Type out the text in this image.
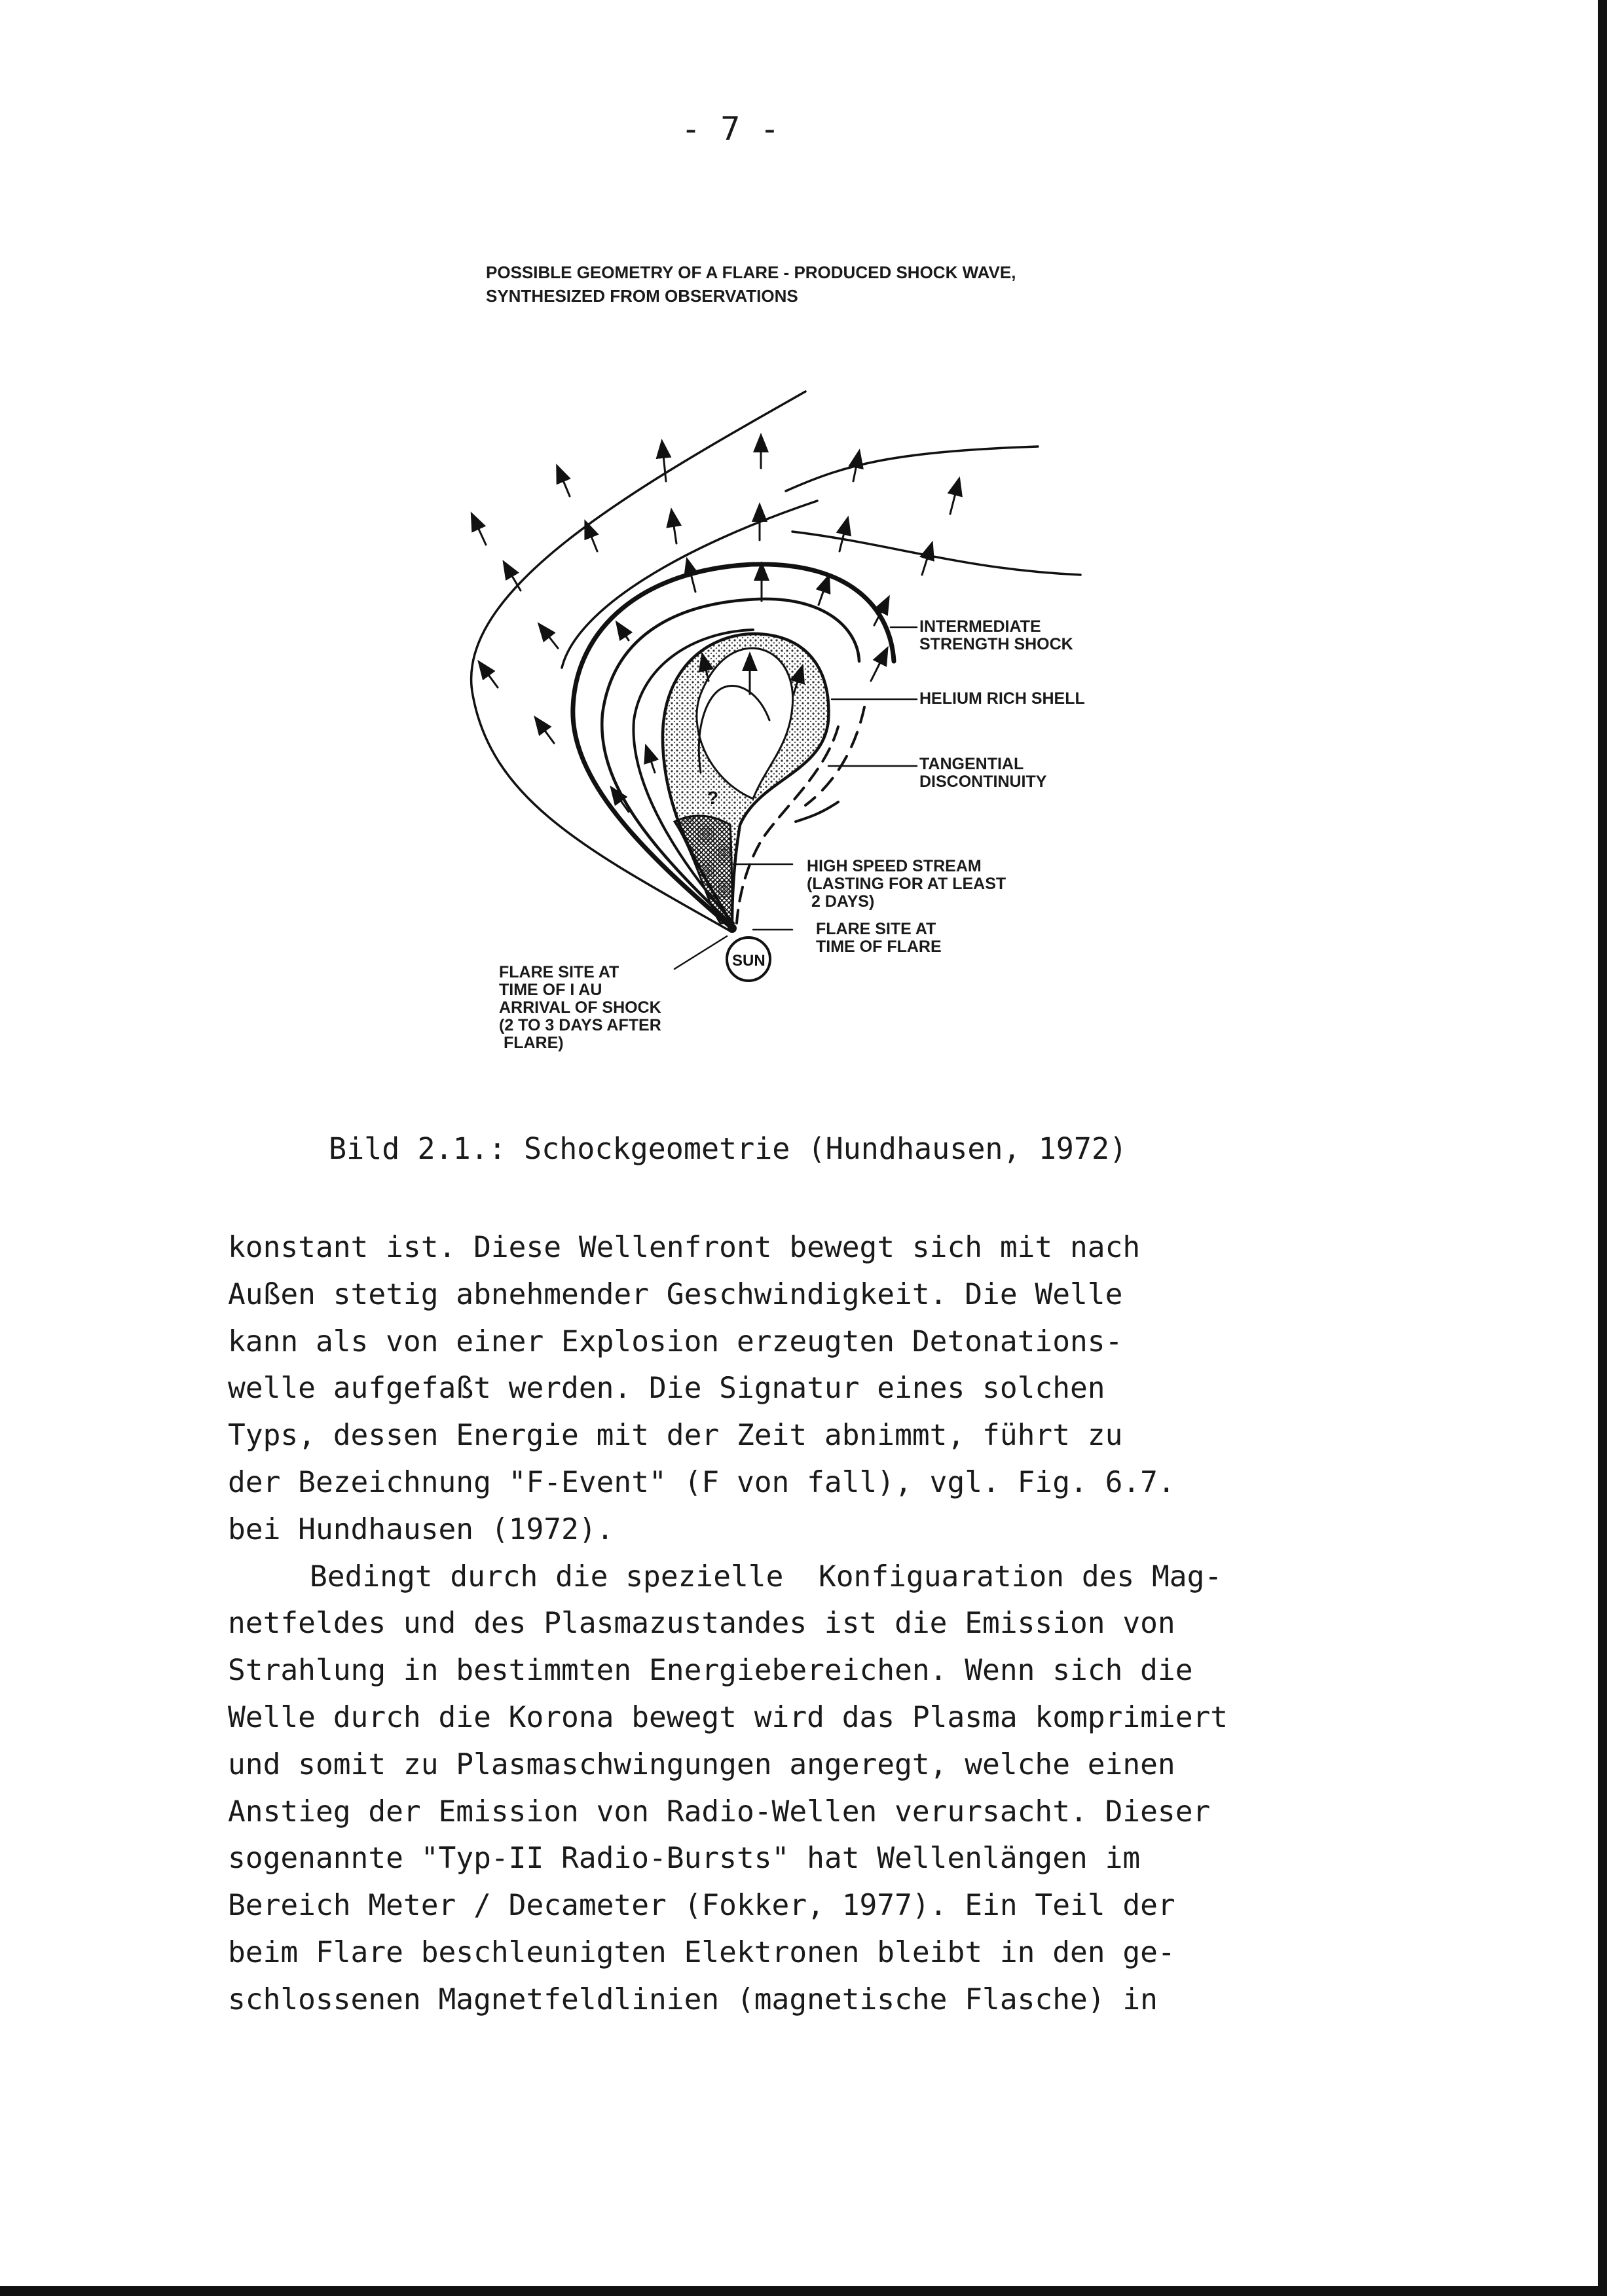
- 7 -
POSSIBLE GEOMETRY OF A FLARE - PRODUCED SHOCK WAVE,
SYNTHESIZED FROM OBSERVATIONS
?
SUN
INTERMEDIATE
STRENGTH SHOCK
HELIUM RICH SHELL
TANGENTIAL
DISCONTINUITY
HIGH SPEED STREAM
(LASTING FOR AT LEAST
2 DAYS)
FLARE SITE AT
TIME OF FLARE
FLARE SITE AT
TIME OF I AU
ARRIVAL OF SHOCK
(2 TO 3 DAYS AFTER
FLARE)
Bild 2.1.: Schockgeometrie (Hundhausen, 1972)
konstant ist. Diese Wellenfront bewegt sich mit nach
Außen stetig abnehmender Geschwindigkeit. Die Welle
kann als von einer Explosion erzeugten Detonations-
welle aufgefaßt werden. Die Signatur eines solchen
Typs, dessen Energie mit der Zeit abnimmt, führt zu
der Bezeichnung "F-Event" (F von fall), vgl. Fig. 6.7.
bei Hundhausen (1972).
Bedingt durch die spezielle  Konfiguaration des Mag-
netfeldes und des Plasmazustandes ist die Emission von
Strahlung in bestimmten Energiebereichen. Wenn sich die
Welle durch die Korona bewegt wird das Plasma komprimiert
und somit zu Plasmaschwingungen angeregt, welche einen
Anstieg der Emission von Radio-Wellen verursacht. Dieser
sogenannte "Typ-II Radio-Bursts" hat Wellenlängen im
Bereich Meter / Decameter (Fokker, 1977). Ein Teil der
beim Flare beschleunigten Elektronen bleibt in den ge-
schlossenen Magnetfeldlinien (magnetische Flasche) in
